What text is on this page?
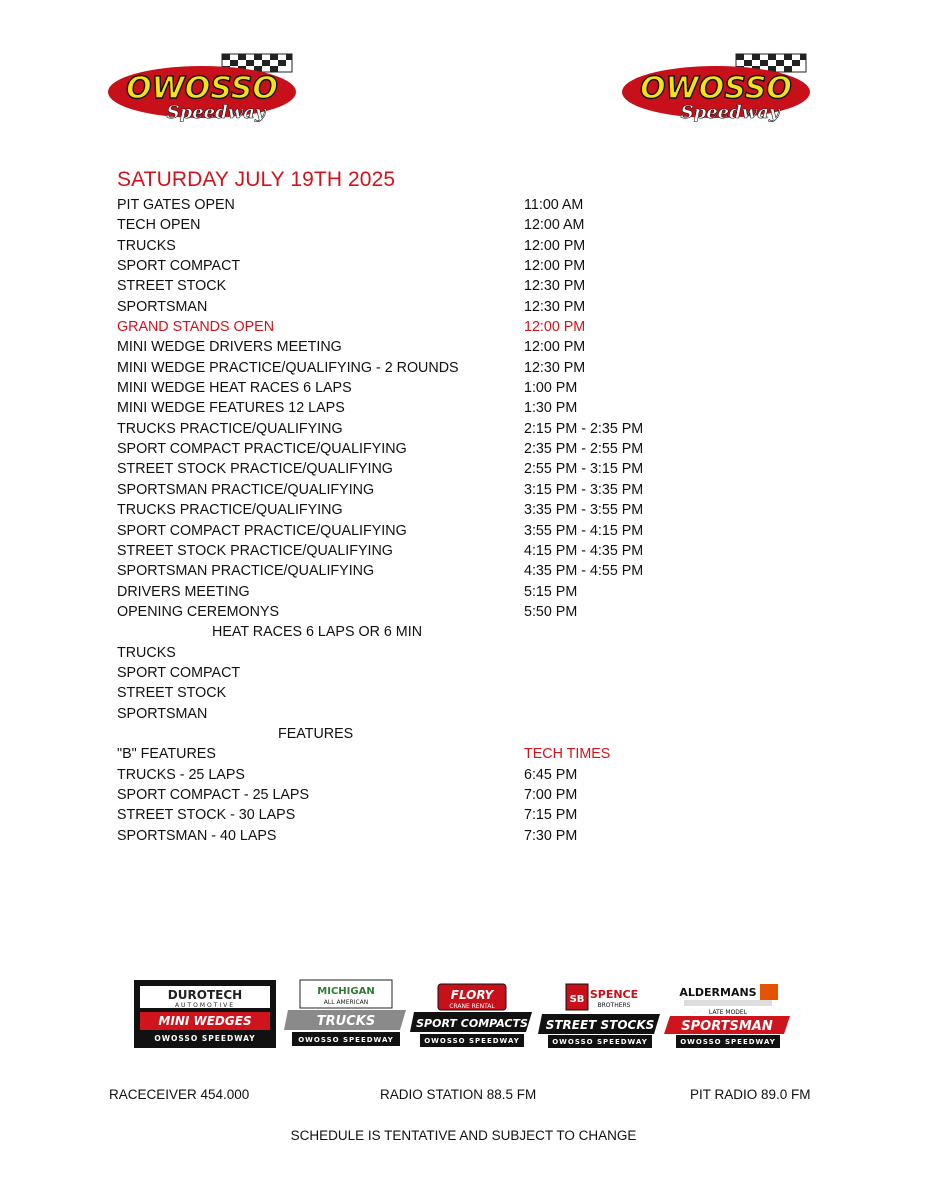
OWOSSO
Speedway
OWOSSO
Speedway
SATURDAY JULY 19TH 2025
PIT GATES OPEN	11:00 AM
TECH OPEN	12:00 AM
TRUCKS	12:00 PM
SPORT COMPACT	12:00 PM
STREET STOCK	12:30 PM
SPORTSMAN	12:30 PM
GRAND STANDS OPEN	12:00 PM
MINI WEDGE DRIVERS MEETING	12:00 PM
MINI WEDGE PRACTICE/QUALIFYING - 2 ROUNDS	12:30 PM
MINI WEDGE HEAT RACES 6 LAPS	1:00 PM
MINI WEDGE FEATURES 12 LAPS	1:30 PM
TRUCKS PRACTICE/QUALIFYING	2:15 PM - 2:35 PM
SPORT COMPACT PRACTICE/QUALIFYING	2:35 PM - 2:55 PM
STREET STOCK PRACTICE/QUALIFYING	2:55 PM - 3:15 PM
SPORTSMAN PRACTICE/QUALIFYING	3:15 PM - 3:35 PM
TRUCKS PRACTICE/QUALIFYING	3:35 PM - 3:55 PM
SPORT COMPACT PRACTICE/QUALIFYING	3:55 PM - 4:15 PM
STREET STOCK PRACTICE/QUALIFYING	4:15 PM - 4:35 PM
SPORTSMAN PRACTICE/QUALIFYING	4:35 PM - 4:55 PM
DRIVERS MEETING	5:15 PM
OPENING CEREMONYS	5:50 PM
HEAT RACES 6 LAPS OR 6 MIN
TRUCKS
SPORT COMPACT
STREET STOCK
SPORTSMAN
FEATURES
"B" FEATURES	TECH TIMES
TRUCKS - 25 LAPS	6:45 PM
SPORT COMPACT - 25 LAPS	7:00 PM
STREET STOCK - 30 LAPS	7:15 PM
SPORTSMAN - 40 LAPS	7:30 PM
DUROTECH
AUTOMOTIVE
MINI WEDGES
OWOSSO SPEEDWAY
MICHIGAN
ALL AMERICAN
TRUCKS
OWOSSO SPEEDWAY
FLORY
CRANE RENTAL
SPORT COMPACTS
OWOSSO SPEEDWAY
SB SPENCE
BROTHERS
STREET STOCKS
OWOSSO SPEEDWAY
ALDERMANS
LATE MODEL
SPORTSMAN
OWOSSO SPEEDWAY
RACECEIVER 454.000	RADIO STATION 88.5 FM	PIT RADIO 89.0 FM
SCHEDULE IS TENTATIVE AND SUBJECT TO CHANGE
